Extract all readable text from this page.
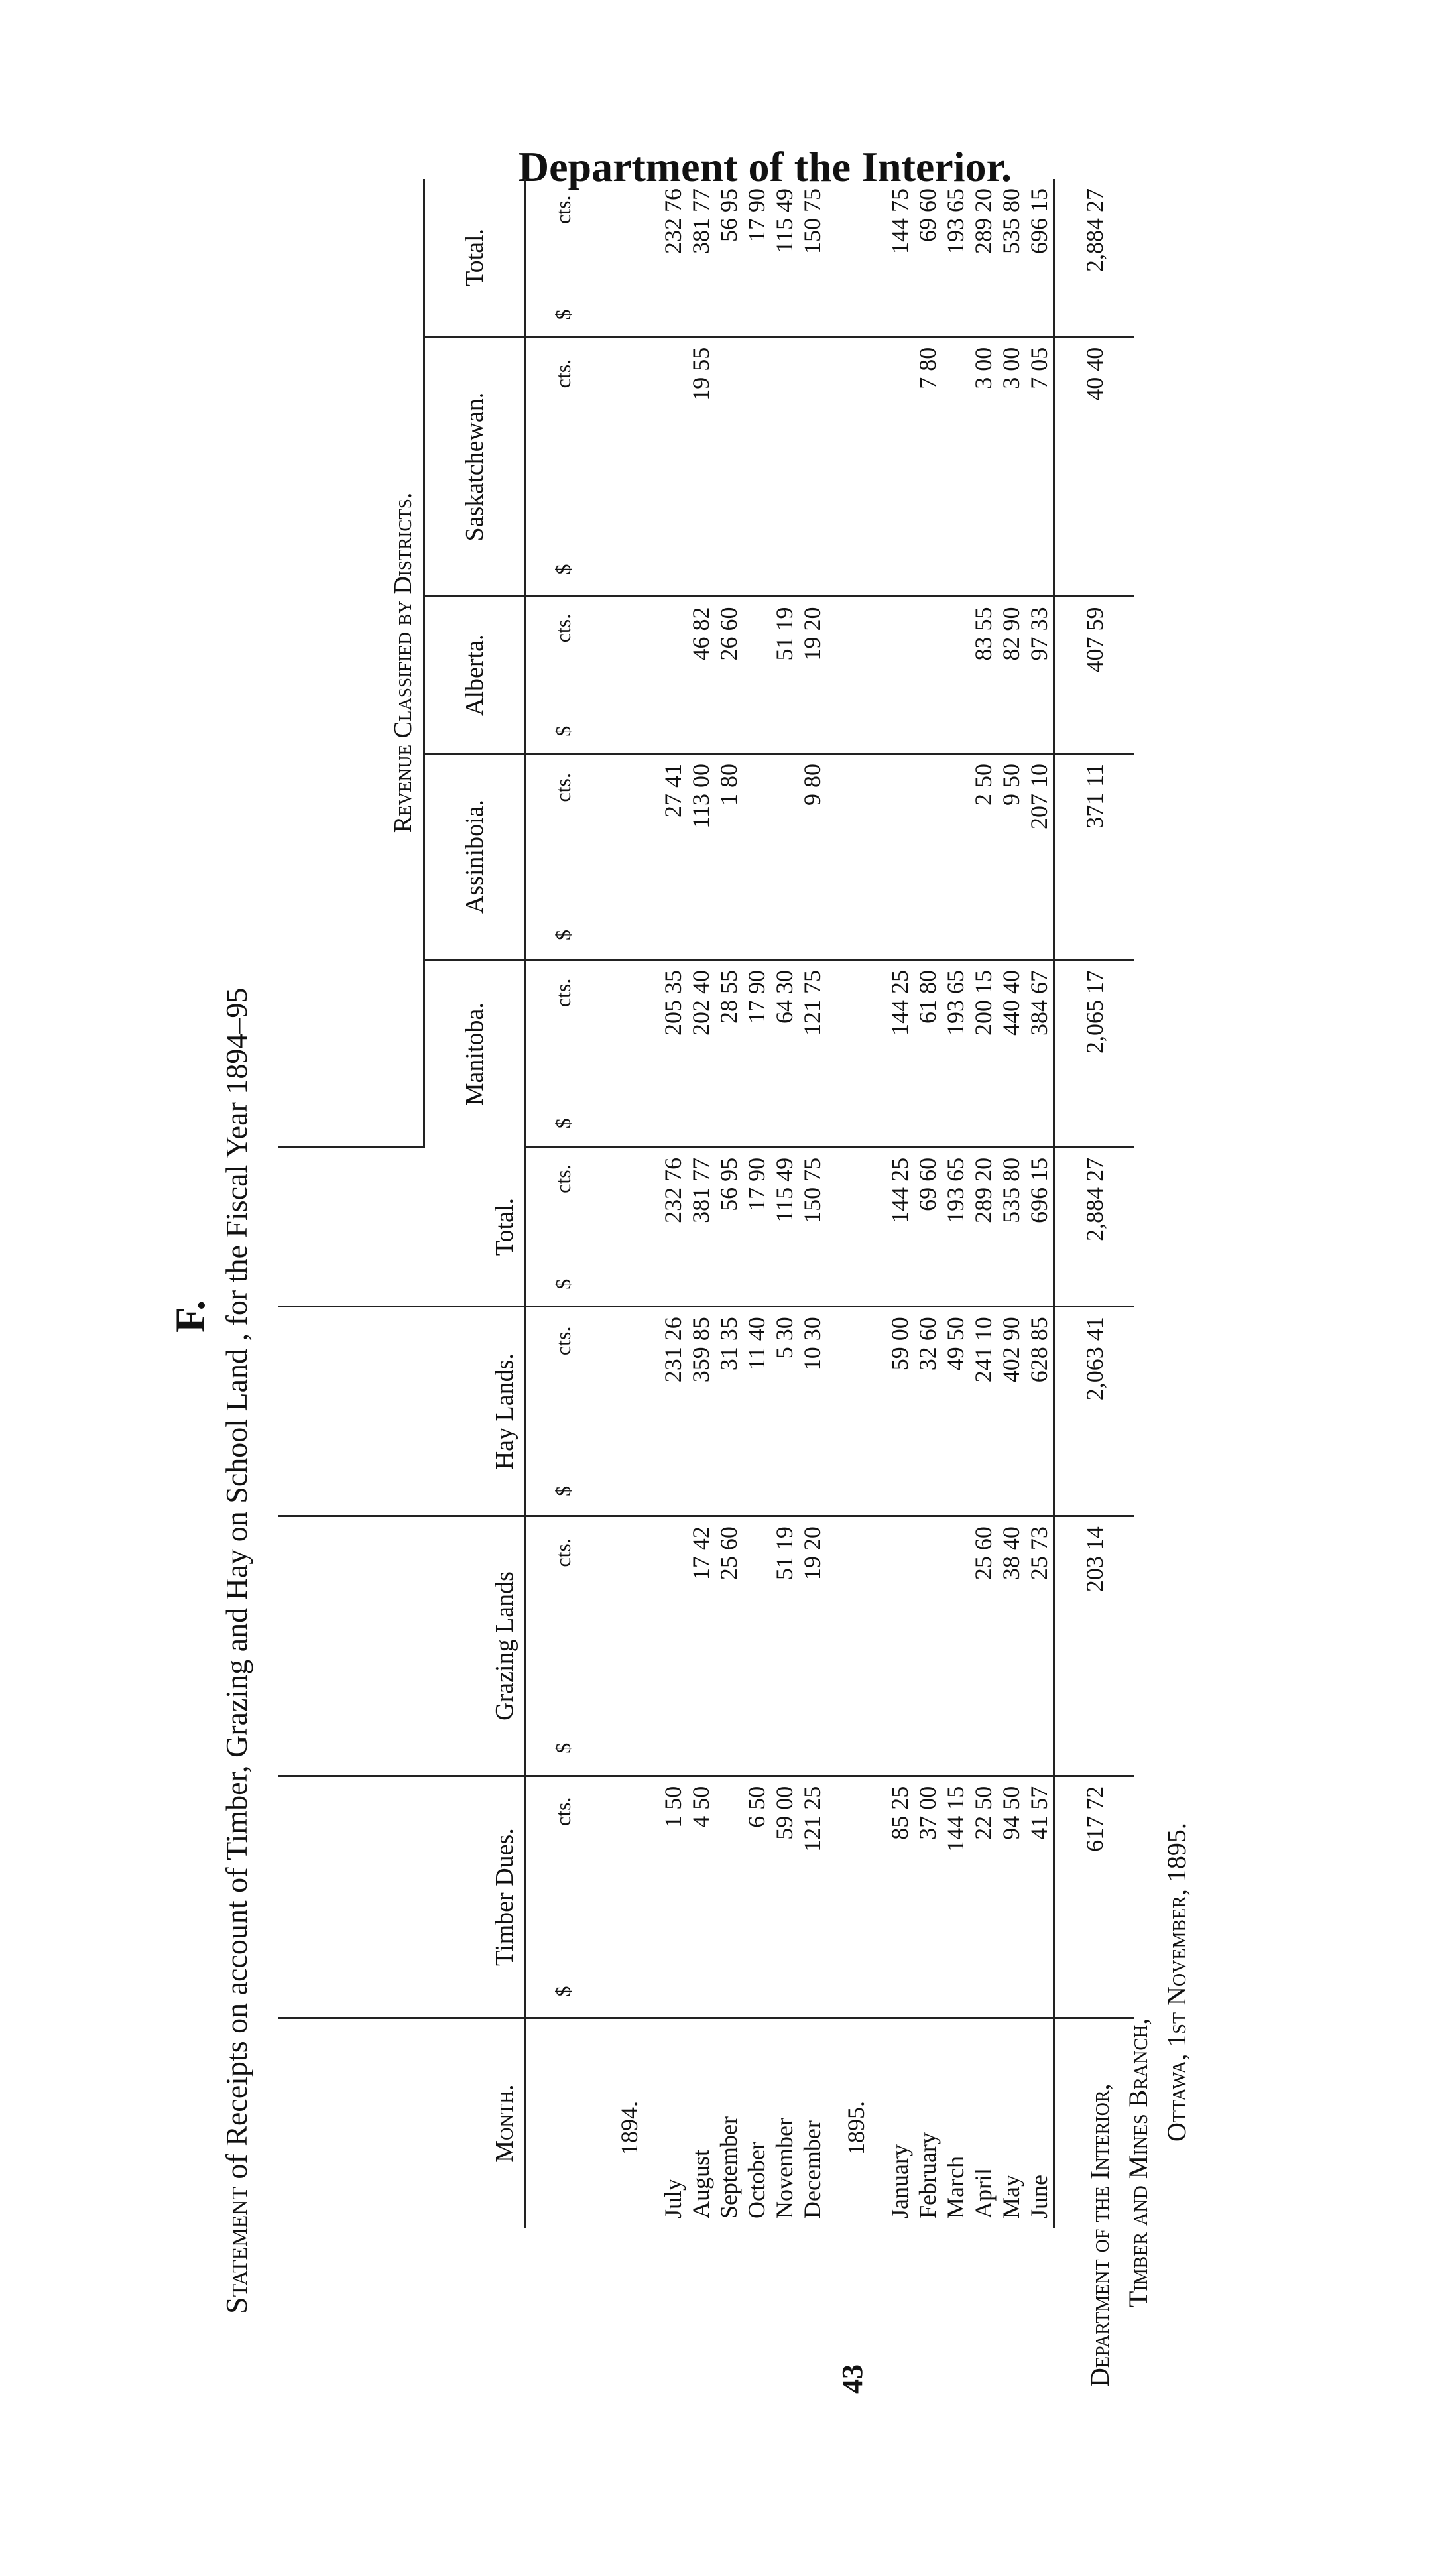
Department of the Interior.
F.
Statement of Receipts on account of Timber, Grazing and Hay on School Land , for the Fiscal Year 1894–95	Month.	Timber Dues.	Grazing Lands	Hay Lands.	Total.	Revenue Classified by Districts.				
					Manitoba.	Assiniboia.	Alberta.	Saskatchewan.	Total.
	$cts.	$cts.	$cts.	$cts.	$cts.	$cts.	$cts.	$cts.	$cts.
1894.									
July	1 50		231 26	232 76	205 35	27 41			232 76
August	4 50	17 42	359 85	381 77	202 40	113 00	46 82	19 55	381 77
September		25 60	31 35	56 95	28 55	1 80	26 60		56 95
October	6 50		11 40	17 90	17 90				17 90
November	59 00	51 19	5 30	115 49	64 30		51 19		115 49
December	121 25	19 20	10 30	150 75	121 75	9 80	19 20		150 75
1895.									
January	85 25		59 00	144 25	144 25				144 75
February	37 00		32 60	69 60	61 80			7 80	69 60
March	144 15		49 50	193 65	193 65				193 65
April	22 50	25 60	241 10	289 20	200 15	2 50	83 55	3 00	289 20
May	94 50	38 40	402 90	535 80	440 40	9 50	82 90	3 00	535 80
June	41 57	25 73	628 85	696 15	384 67	207 10	97 33	7 05	696 15
	617 72	203 14	2,063 41	2,884 27	2,065 17	371 11	407 59	40 40	2,884 27
43	Department of the Interior, Timber and Mines Branch,
Ottawa, 1st November, 1895.
